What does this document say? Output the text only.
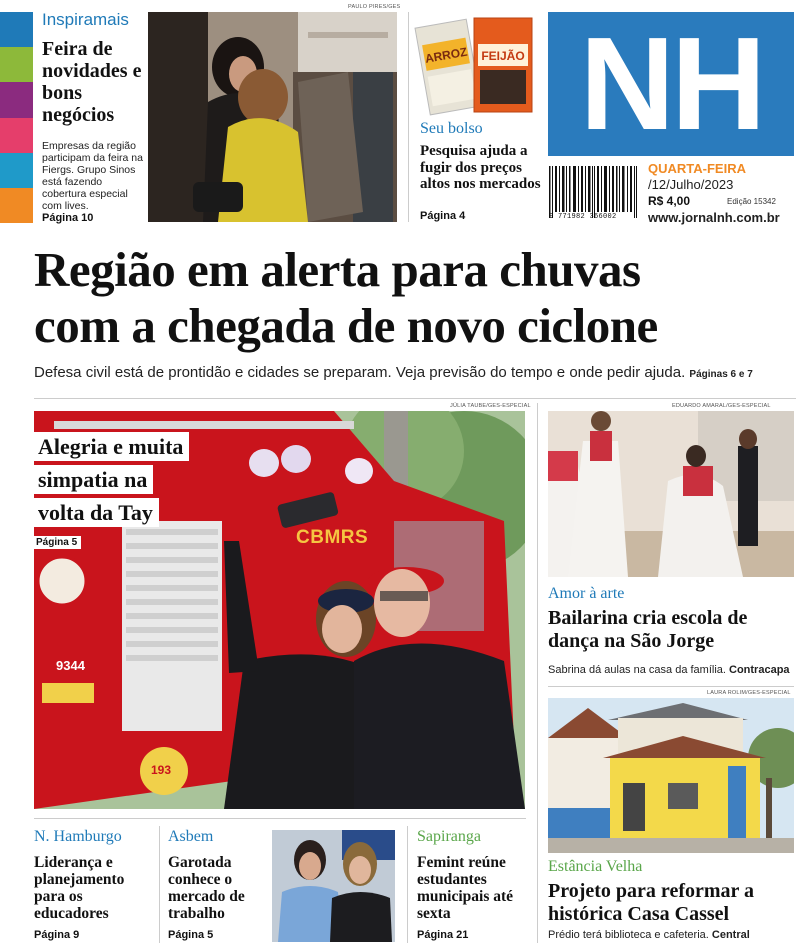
Inspiramais
Feira de novidades e bons negócios
Empresas da região participam da feira na Fiergs. Grupo Sinos está fazendo cobertura especial com lives.
Página 10
PAULO PIRES/GES
ARROZ FEIJÃO
Seu bolso
Pesquisa ajuda a fugir dos preços altos nos mercados
Página 4
NH
9 771982 366002
QUARTA-FEIRA
/12/Julho/2023
R$ 4,00	Edição 15342
www.jornalnh.com.br
Região em alerta para chuvas
com a chegada de novo ciclone
Defesa civil está de prontidão e cidades se preparam. Veja previsão do tempo e onde pedir ajuda. Páginas 6 e 7
JÚLIA TAUBE/GES-ESPECIAL
Alegria e muita
simpatia na
volta da Tay
Página 5	CBMRS
9344
193
EDUARDO AMARAL/GES-ESPECIAL
Amor à arte
Bailarina cria escola de dança na São Jorge
Sabrina dá aulas na casa da família. Contracapa
LAURA ROLIM/GES-ESPECIAL
Estância Velha
Projeto para reformar a histórica Casa Cassel
Prédio terá biblioteca e cafeteria. Central
N. Hamburgo
Liderança e planejamento para os educadores
Página 9
Asbem
Garotada conhece o mercado de trabalho
Página 5
Sapiranga
Femint reúne estudantes municipais até sexta
Página 21
